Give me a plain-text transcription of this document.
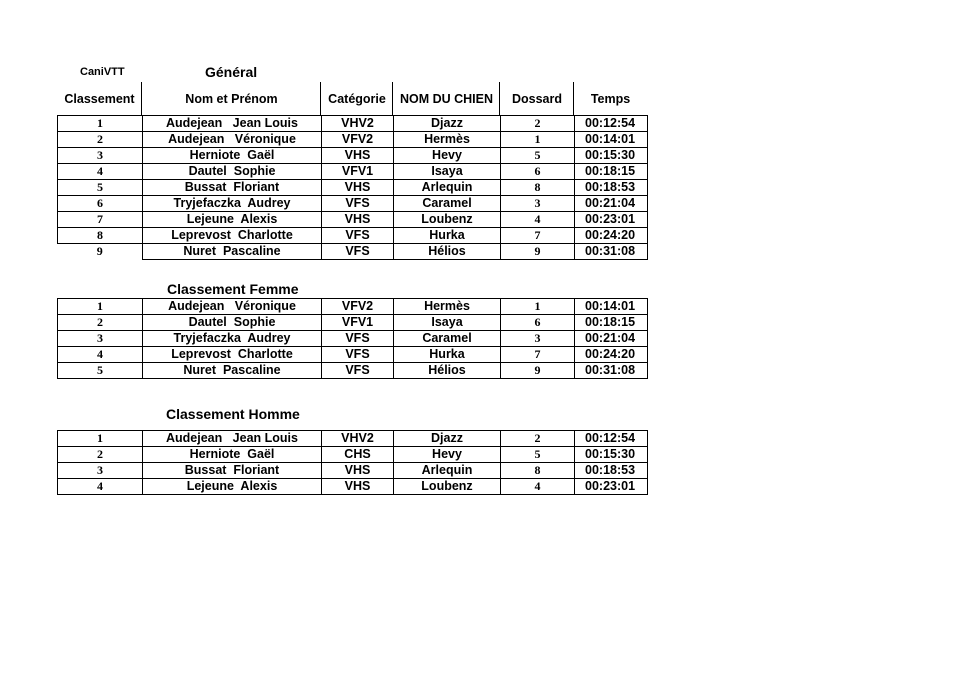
CaniVTT	Général
Classement	Nom et Prénom	Catégorie	NOM DU CHIEN	Dossard	Temps
1	Audejean   Jean Louis	VHV2	Djazz	2	00:12:54
2	Audejean   Véronique	VFV2	Hermès	1	00:14:01
3	Herniote  Gaël	VHS	Hevy	5	00:15:30
4	Dautel  Sophie	VFV1	Isaya	6	00:18:15
5	Bussat  Floriant	VHS	Arlequin	8	00:18:53
6	Tryjefaczka  Audrey	VFS	Caramel	3	00:21:04
7	Lejeune  Alexis	VHS	Loubenz	4	00:23:01
8	Leprevost  Charlotte	VFS	Hurka	7	00:24:20
9	Nuret  Pascaline	VFS	Hélios	9	00:31:08
Classement Femme
1	Audejean   Véronique	VFV2	Hermès	1	00:14:01
2	Dautel  Sophie	VFV1	Isaya	6	00:18:15
3	Tryjefaczka  Audrey	VFS	Caramel	3	00:21:04
4	Leprevost  Charlotte	VFS	Hurka	7	00:24:20
5	Nuret  Pascaline	VFS	Hélios	9	00:31:08
Classement Homme
1	Audejean   Jean Louis	VHV2	Djazz	2	00:12:54
2	Herniote  Gaël	CHS	Hevy	5	00:15:30
3	Bussat  Floriant	VHS	Arlequin	8	00:18:53
4	Lejeune  Alexis	VHS	Loubenz	4	00:23:01
